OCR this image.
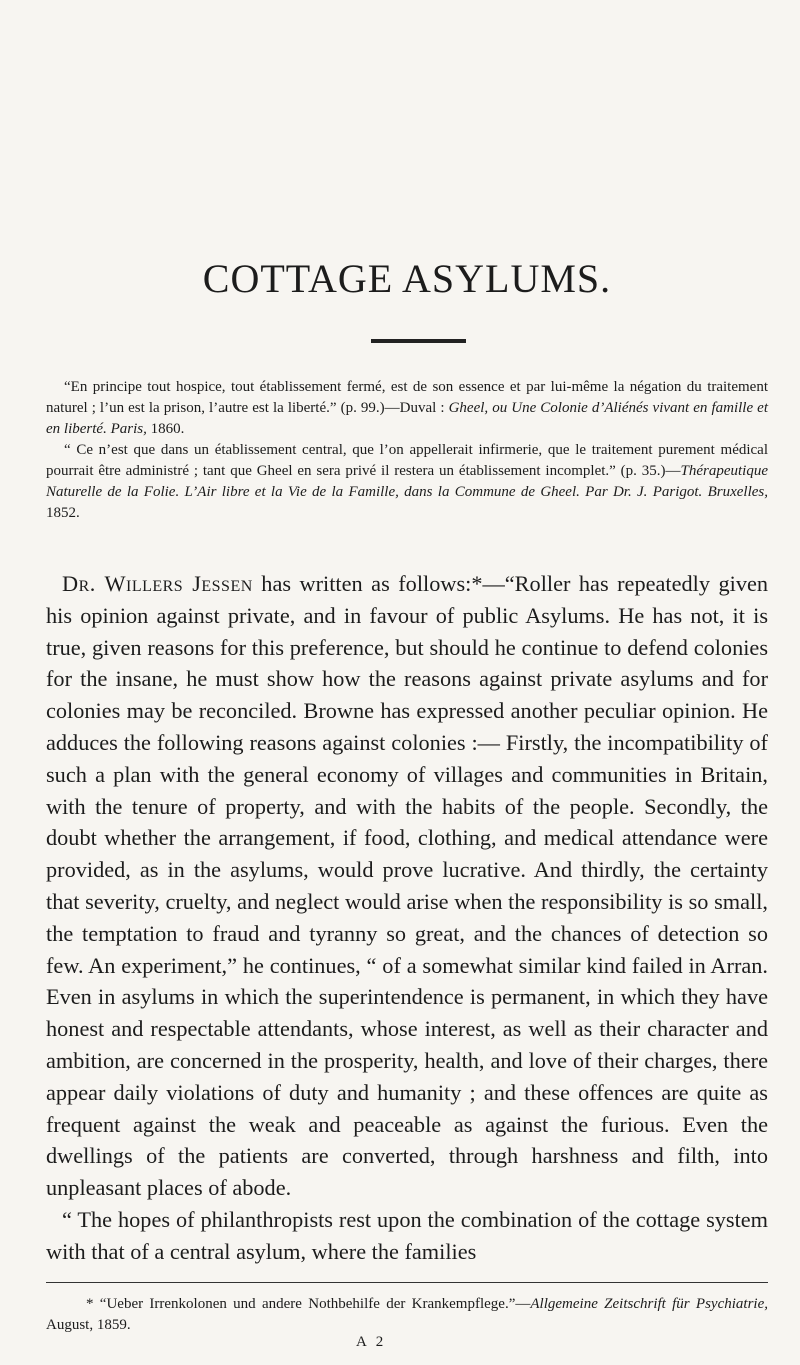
COTTAGE ASYLUMS.

“En principe tout hospice, tout établissement fermé, est de son essence et par lui-même la négation du traitement naturel ; l’un est la prison, l’autre est la liberté.” (p. 99.)—Duval : Gheel, ou Une Colonie d’Aliénés vivant en famille et en liberté. Paris, 1860.

“ Ce n’est que dans un établissement central, que l’on appellerait infirmerie, que le traitement purement médical pourrait être administré ; tant que Gheel en sera privé il restera un établissement incomplet.” (p. 35.)—Thérapeutique Naturelle de la Folie. L’Air libre et la Vie de la Famille, dans la Commune de Gheel. Par Dr. J. Parigot. Bruxelles, 1852.

Dr. Willers Jessen has written as follows:*—“Roller has repeatedly given his opinion against private, and in favour of public Asylums. He has not, it is true, given reasons for this preference, but should he continue to defend colonies for the insane, he must show how the reasons against private asylums and for colonies may be reconciled. Browne has expressed another peculiar opinion. He adduces the following reasons against colonies :— Firstly, the incompatibility of such a plan with the general economy of villages and communities in Britain, with the tenure of property, and with the habits of the people. Secondly, the doubt whether the arrangement, if food, clothing, and medical attendance were provided, as in the asylums, would prove lucrative. And thirdly, the certainty that severity, cruelty, and neglect would arise when the responsibility is so small, the temptation to fraud and tyranny so great, and the chances of detection so few. An experiment,” he continues, “ of a somewhat similar kind failed in Arran. Even in asylums in which the superintendence is permanent, in which they have honest and respectable attendants, whose interest, as well as their character and ambition, are concerned in the prosperity, health, and love of their charges, there appear daily violations of duty and humanity ; and these offences are quite as frequent against the weak and peaceable as against the furious. Even the dwellings of the patients are converted, through harshness and filth, into unpleasant places of abode.

“ The hopes of philanthropists rest upon the combination of the cottage system with that of a central asylum, where the families

* “Ueber Irrenkolonen und andere Nothbehilfe der Krankempflege.”—Allgemeine Zeitschrift für Psychiatrie, August, 1859.

A 2
